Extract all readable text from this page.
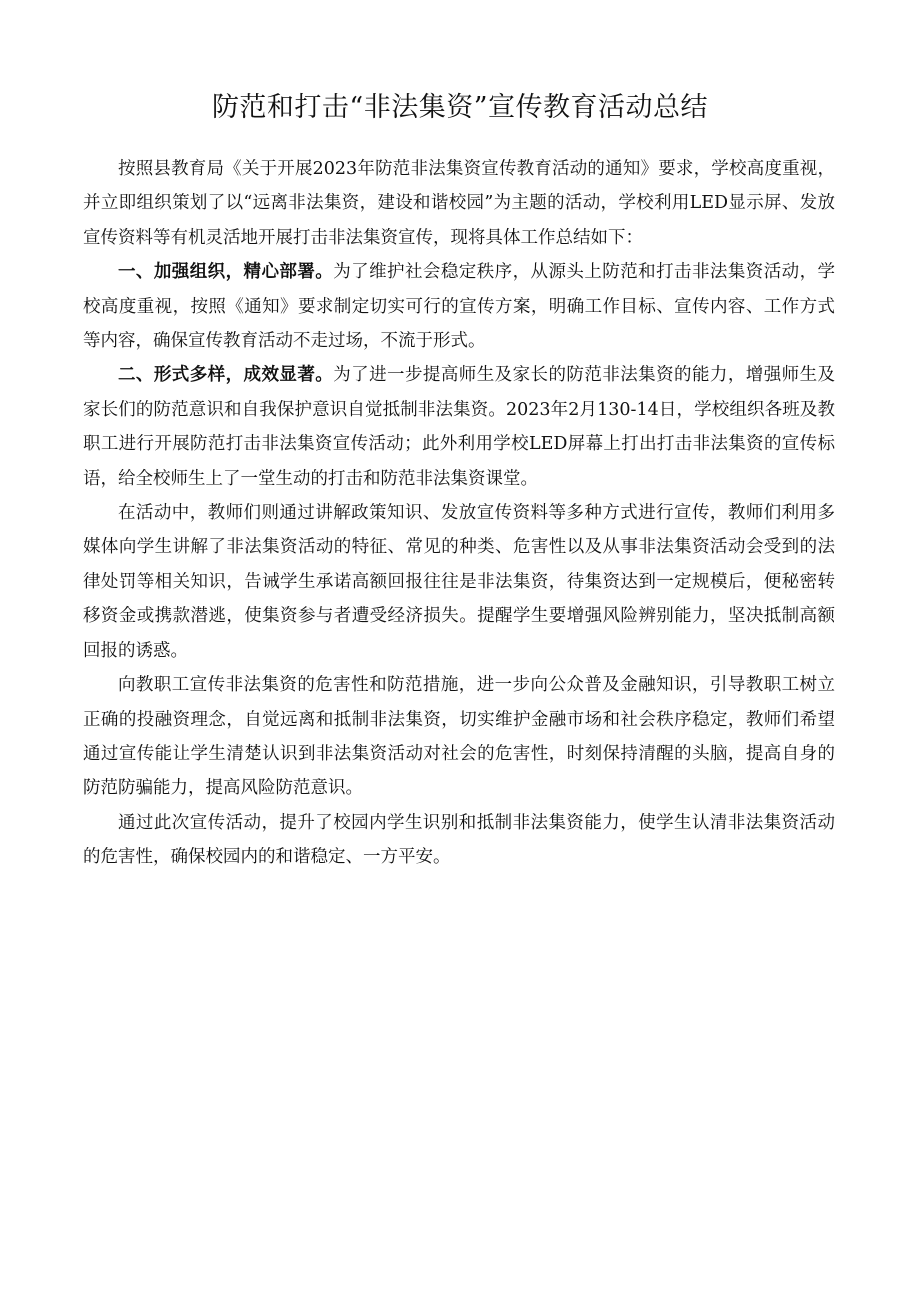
防范和打击“非法集资”宣传教育活动总结

按照县教育局《关于开展2023年防范非法集资宣传教育活动的通知》要求，学校高度重视，并立即组织策划了以“远离非法集资，建设和谐校园”为主题的活动，学校利用LED显示屏、发放宣传资料等有机灵活地开展打击非法集资宣传，现将具体工作总结如下：

一、加强组织，精心部署。为了维护社会稳定秩序，从源头上防范和打击非法集资活动，学校高度重视，按照《通知》要求制定切实可行的宣传方案，明确工作目标、宣传内容、工作方式等内容，确保宣传教育活动不走过场，不流于形式。

二、形式多样，成效显著。为了进一步提高师生及家长的防范非法集资的能力，增强师生及家长们的防范意识和自我保护意识自觉抵制非法集资。2023年2月130-14日，学校组织各班及教职工进行开展防范打击非法集资宣传活动；此外利用学校LED屏幕上打出打击非法集资的宣传标语，给全校师生上了一堂生动的打击和防范非法集资课堂。

在活动中，教师们则通过讲解政策知识、发放宣传资料等多种方式进行宣传，教师们利用多媒体向学生讲解了非法集资活动的特征、常见的种类、危害性以及从事非法集资活动会受到的法律处罚等相关知识，告诫学生承诺高额回报往往是非法集资，待集资达到一定规模后，便秘密转移资金或携款潜逃，使集资参与者遭受经济损失。提醒学生要增强风险辨别能力，坚决抵制高额回报的诱惑。

向教职工宣传非法集资的危害性和防范措施，进一步向公众普及金融知识，引导教职工树立正确的投融资理念，自觉远离和抵制非法集资，切实维护金融市场和社会秩序稳定，教师们希望通过宣传能让学生清楚认识到非法集资活动对社会的危害性，时刻保持清醒的头脑，提高自身的防范防骗能力，提高风险防范意识。

通过此次宣传活动，提升了校园内学生识别和抵制非法集资能力，使学生认清非法集资活动的危害性，确保校园内的和谐稳定、一方平安。
